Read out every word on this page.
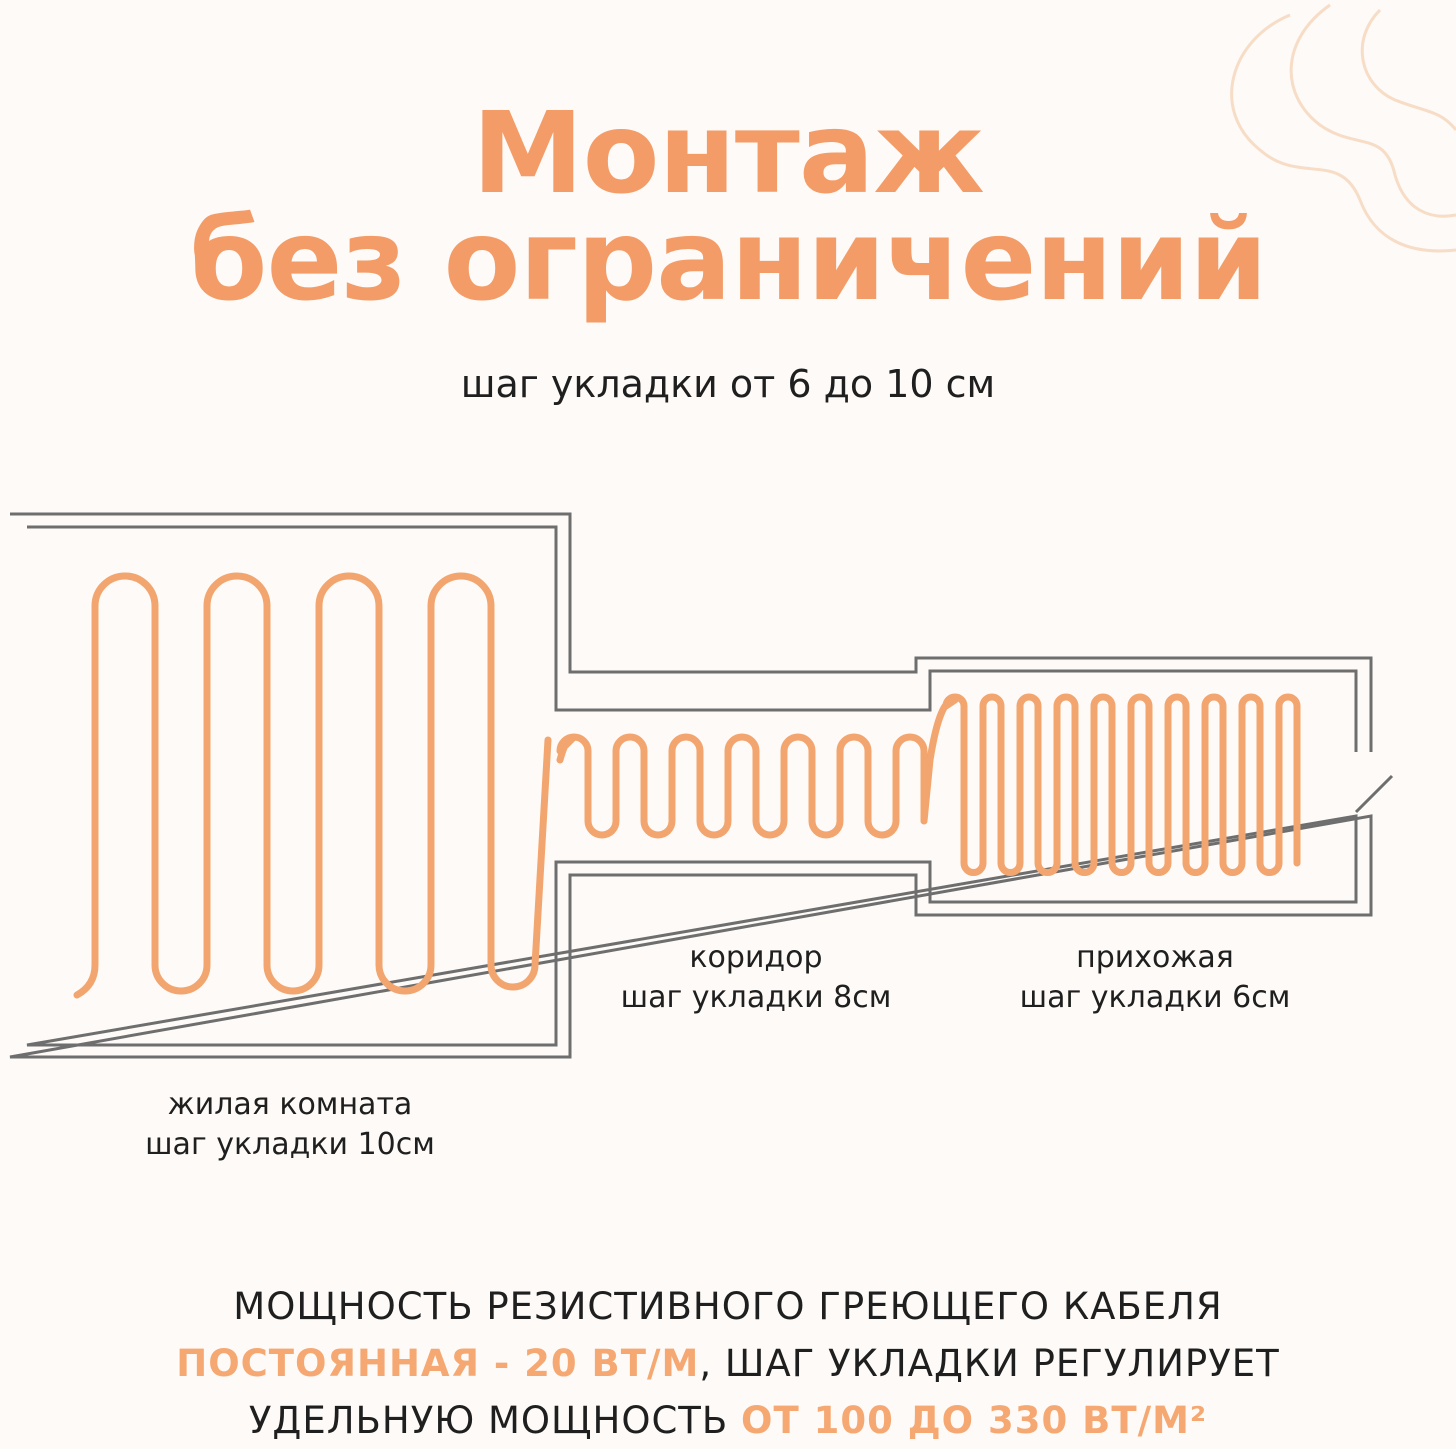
Монтаж
без ограничений
шаг укладки от 6 до 10 см
коридор
шаг укладки 8см
прихожая
шаг укладки 6см
жилая комната
шаг укладки 10см
МОЩНОСТЬ РЕЗИСТИВНОГО ГРЕЮЩЕГО КАБЕЛЯ
ПОСТОЯННАЯ - 20 ВТ/М, ШАГ УКЛАДКИ РЕГУЛИРУЕТ
УДЕЛЬНУЮ МОЩНОСТЬ ОТ 100 ДО 330 ВТ/М²
